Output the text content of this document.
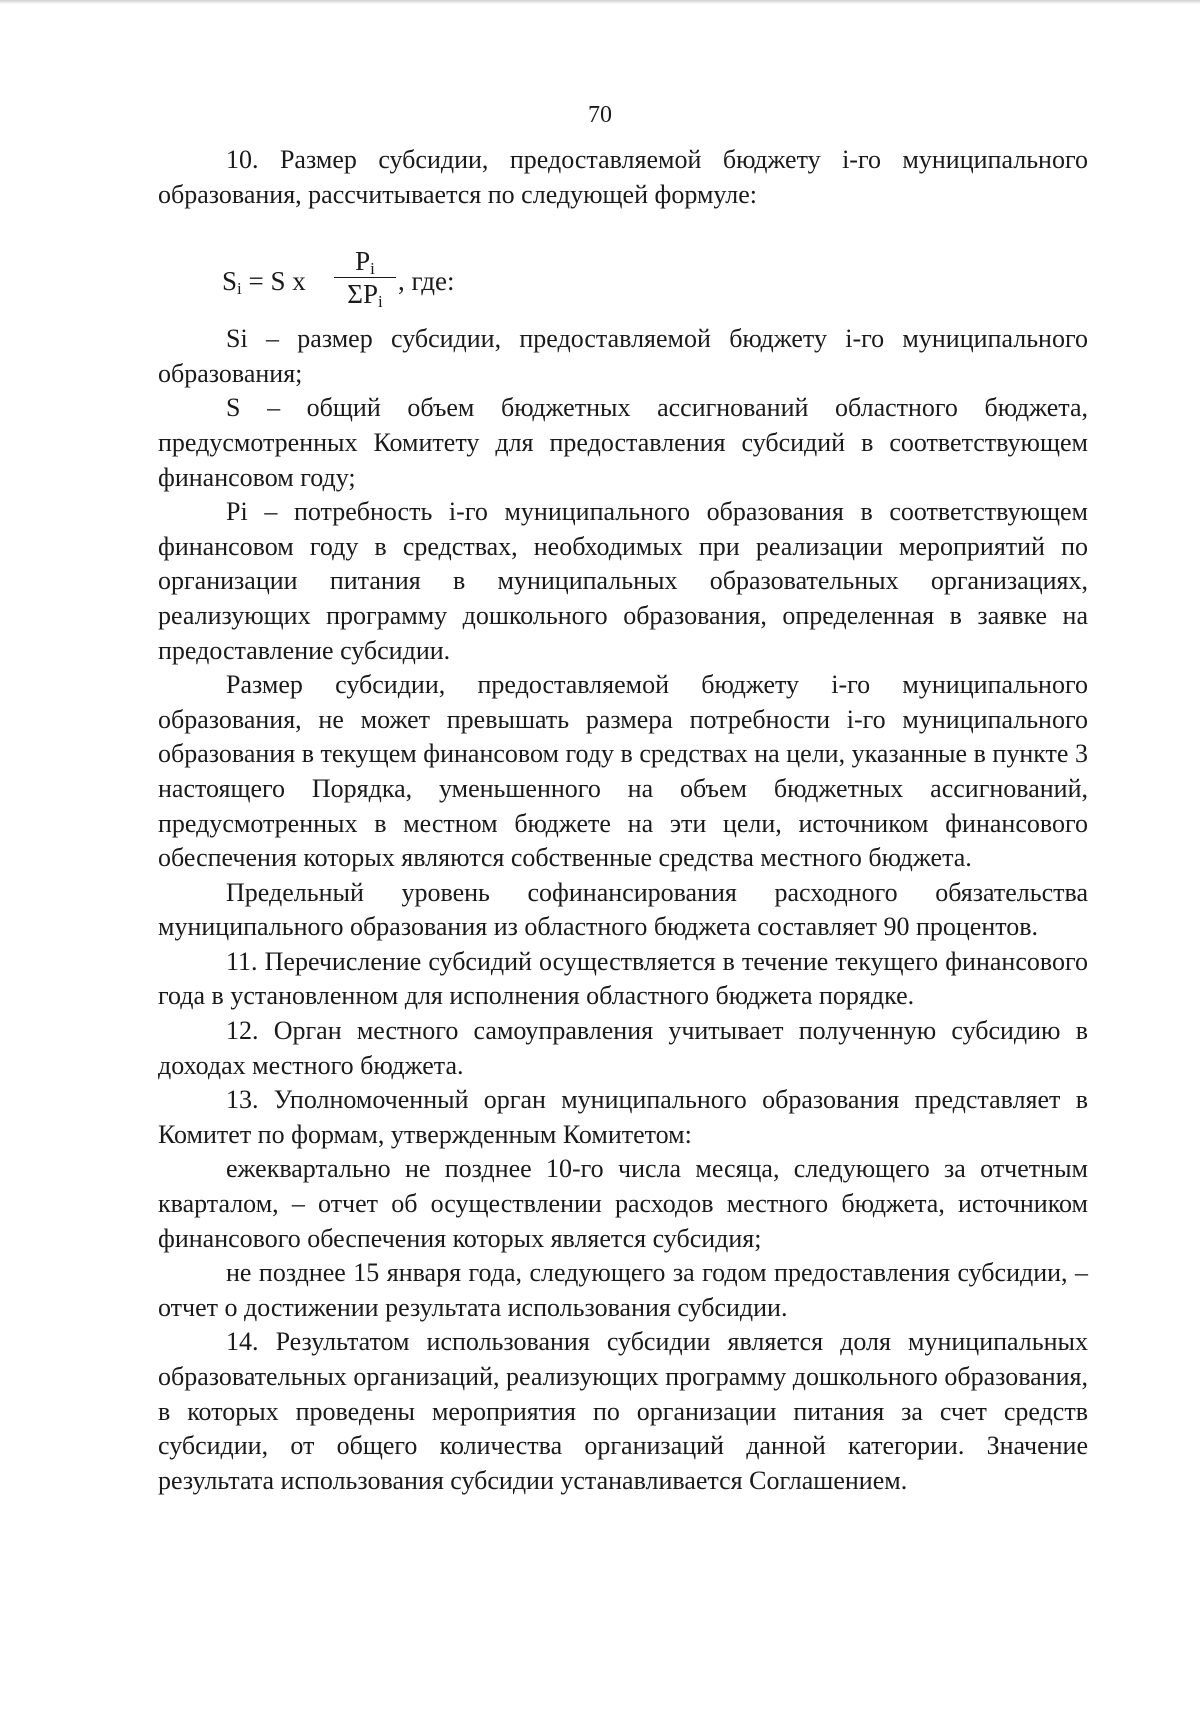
70

10. Размер субсидии, предоставляемой бюджету i-го муниципального образования, рассчитывается по следующей формуле:

$S_i = S$ x
$P_i$
$\Sigma P_i$
, где:

Si – размер субсидии, предоставляемой бюджету i-го муниципального образования;

S – общий объем бюджетных ассигнований областного бюджета, предусмотренных Комитету для предоставления субсидий в соответствующем финансовом году;

Pi – потребность i-го муниципального образования в соответствующем финансовом году в средствах, необходимых при реализации мероприятий по организации питания в муниципальных образовательных организациях, реализующих программу дошкольного образования, определенная в заявке на предоставление субсидии.

Размер субсидии, предоставляемой бюджету i-го муниципального образования, не может превышать размера потребности i-го муниципального образования в текущем финансовом году в средствах на цели, указанные в пункте 3 настоящего Порядка, уменьшенного на объем бюджетных ассигнований, предусмотренных в местном бюджете на эти цели, источником финансового обеспечения которых являются собственные средства местного бюджета.

Предельный уровень софинансирования расходного обязательства муниципального образования из областного бюджета составляет 90 процентов.

11. Перечисление субсидий осуществляется в течение текущего финансового года в установленном для исполнения областного бюджета порядке.

12. Орган местного самоуправления учитывает полученную субсидию в доходах местного бюджета.

13. Уполномоченный орган муниципального образования представляет в Комитет по формам, утвержденным Комитетом:

ежеквартально не позднее 10-го числа месяца, следующего за отчетным кварталом, – отчет об осуществлении расходов местного бюджета, источником финансового обеспечения которых является субсидия;

не позднее 15 января года, следующего за годом предоставления субсидии, – отчет о достижении результата использования субсидии.

14. Результатом использования субсидии является доля муниципальных образовательных организаций, реализующих программу дошкольного образования, в которых проведены мероприятия по организации питания за счет средств субсидии, от общего количества организаций данной категории. Значение результата использования субсидии устанавливается Соглашением.
